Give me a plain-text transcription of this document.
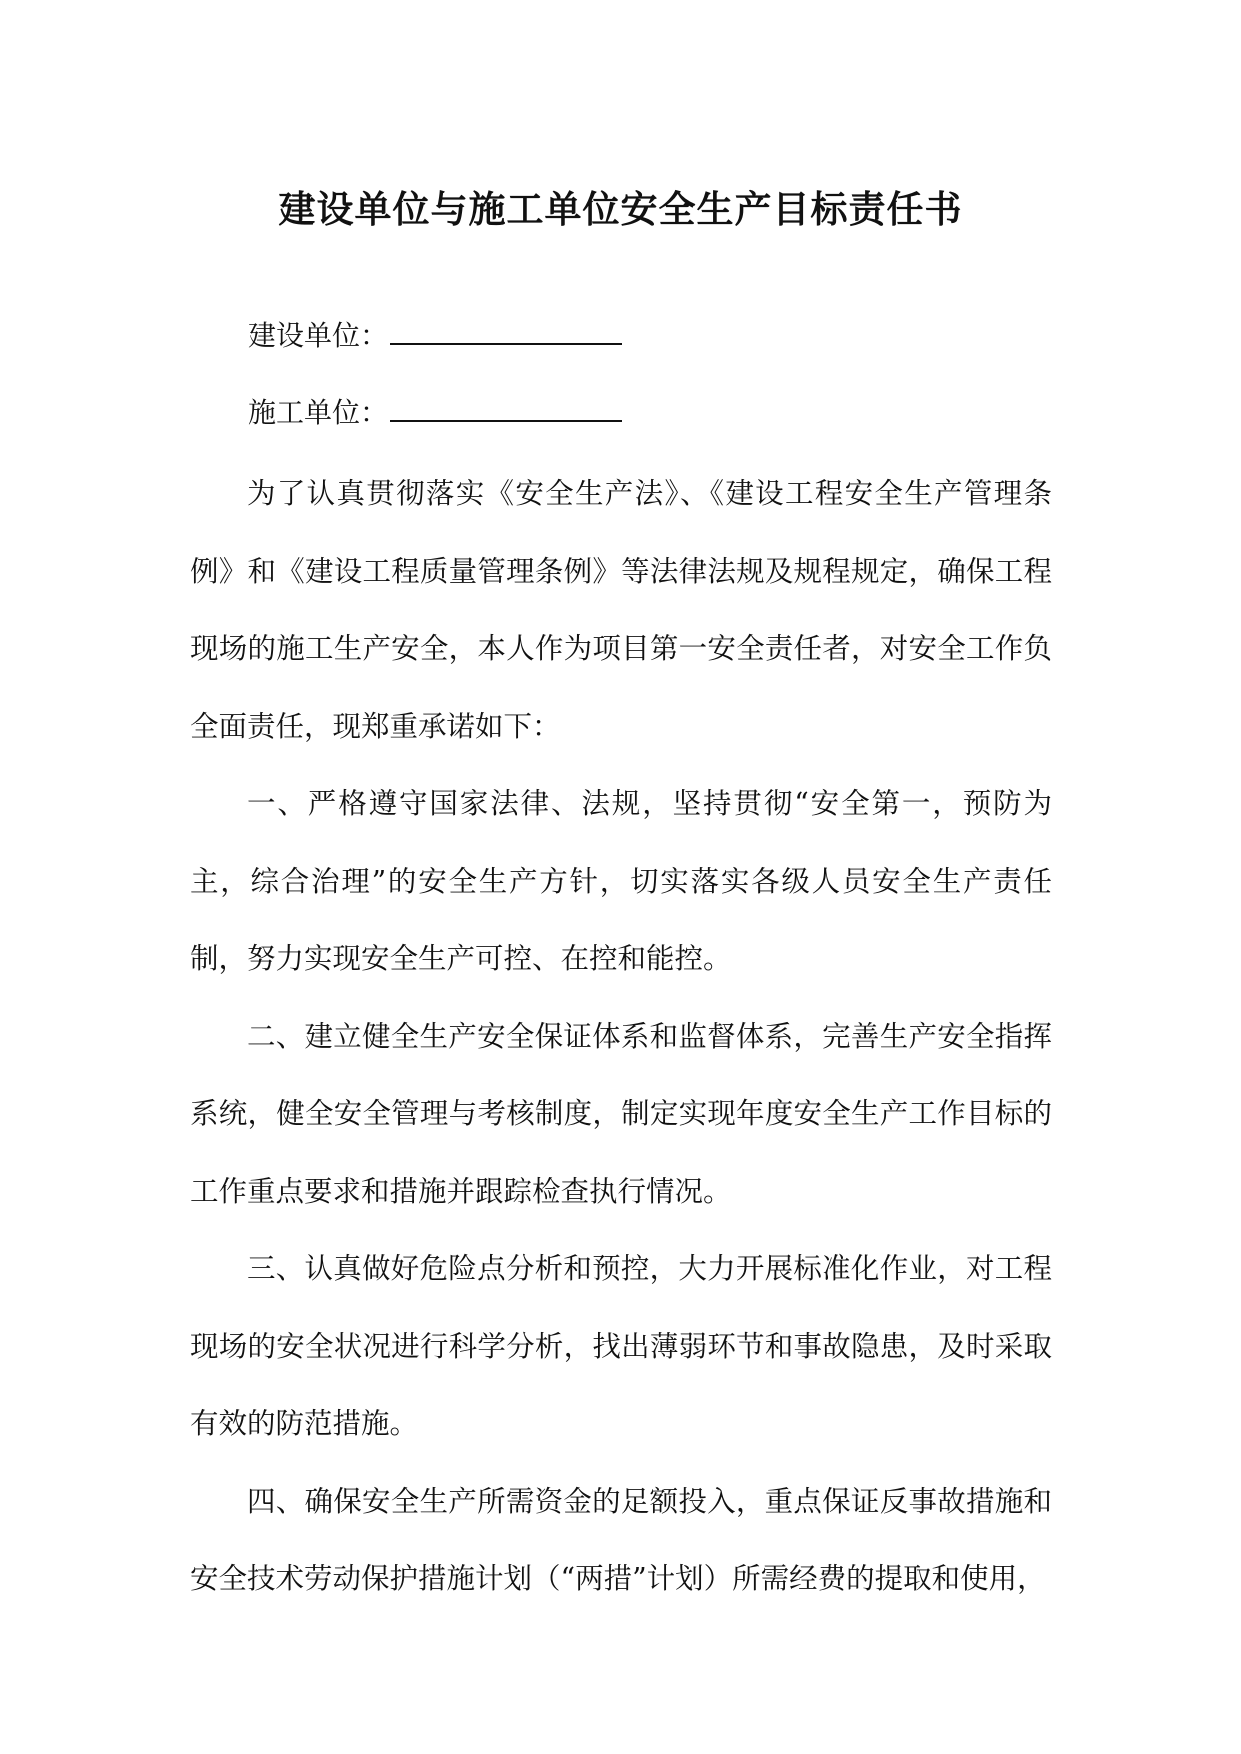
建设单位与施工单位安全生产目标责任书
建设单位：
施工单位：

为了认真贯彻落实《安全生产法》、《建设工程安全生产管理条例》和《建设工程质量管理条例》等法律法规及规程规定，确保工程现场的施工生产安全，本人作为项目第一安全责任者，对安全工作负全面责任，现郑重承诺如下：

一、严格遵守国家法律、法规，坚持贯彻“安全第一，预防为主，综合治理”的安全生产方针，切实落实各级人员安全生产责任制，努力实现安全生产可控、在控和能控。

二、建立健全生产安全保证体系和监督体系，完善生产安全指挥系统，健全安全管理与考核制度，制定实现年度安全生产工作目标的工作重点要求和措施并跟踪检查执行情况。

三、认真做好危险点分析和预控，大力开展标准化作业，对工程现场的安全状况进行科学分析，找出薄弱环节和事故隐患，及时采取有效的防范措施。

四、确保安全生产所需资金的足额投入，重点保证反事故措施和安全技术劳动保护措施计划（“两措”计划）所需经费的提取和使用，
